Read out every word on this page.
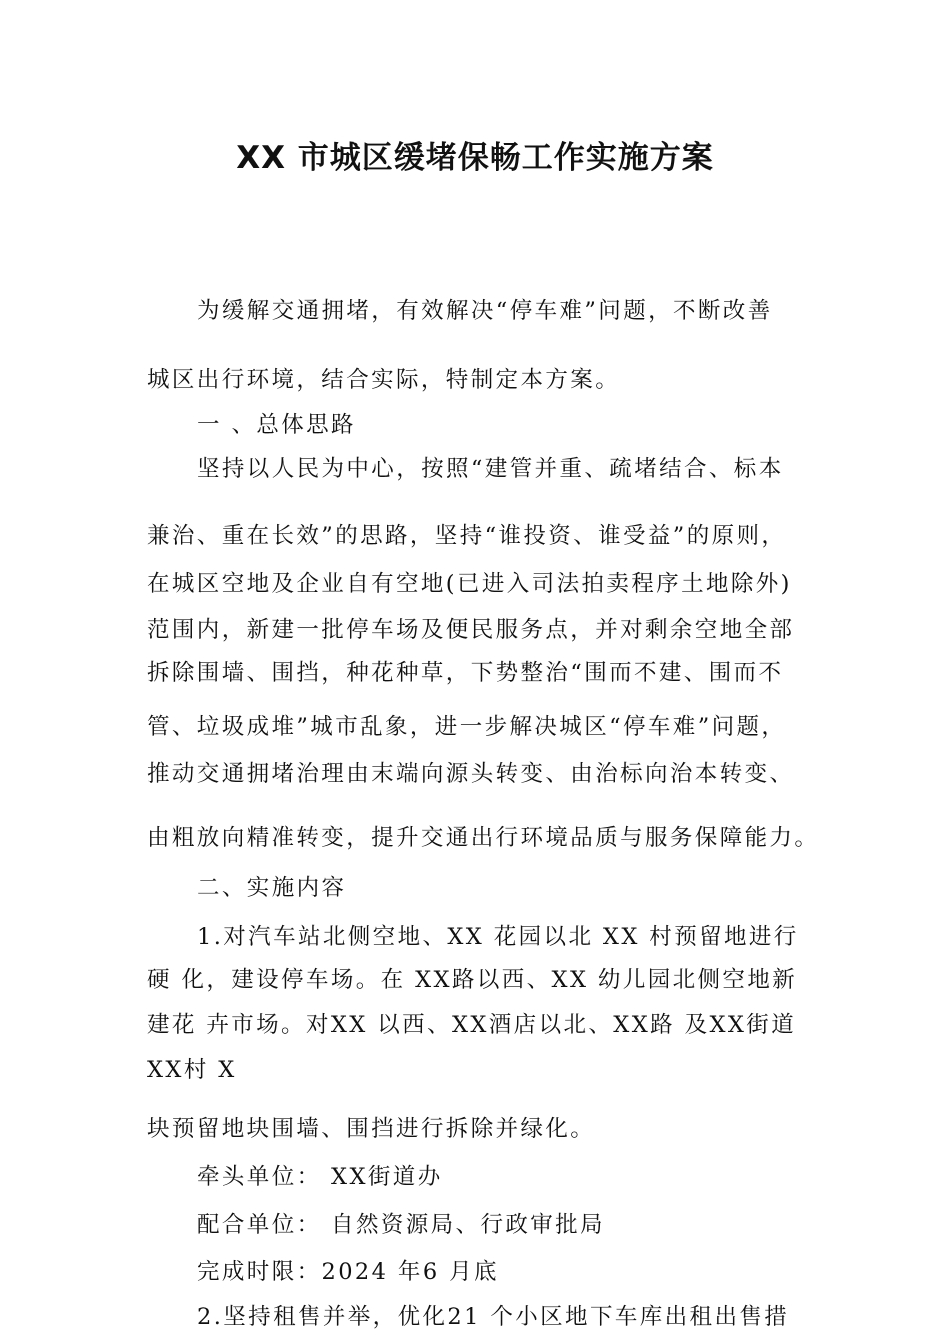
XX 市城区缓堵保畅工作实施方案
为缓解交通拥堵，有效解决“停车难”问题，不断改善
城区出行环境，结合实际，特制定本方案。
一 、总体思路
坚持以人民为中心，按照“建管并重、疏堵结合、标本
兼治、重在长效”的思路，坚持“谁投资、谁受益”的原则，
在城区空地及企业自有空地(已进入司法拍卖程序土地除外)
范围内，新建一批停车场及便民服务点，并对剩余空地全部
拆除围墙、围挡，种花种草，下势整治“围而不建、围而不
管、垃圾成堆”城市乱象，进一步解决城区“停车难”问题，
推动交通拥堵治理由末端向源头转变、由治标向治本转变、
由粗放向精准转变，提升交通出行环境品质与服务保障能力。
二、实施内容
1.对汽车站北侧空地、XX 花园以北 XX 村预留地进行
硬 化，建设停车场。在 XX路以西、XX 幼儿园北侧空地新
建花 卉市场。对XX 以西、XX酒店以北、XX路 及XX街道
XX村 X
块预留地块围墙、围挡进行拆除并绿化。
牵头单位： XX街道办
配合单位： 自然资源局、行政审批局
完成时限：2024 年6 月底
2.坚持租售并举，优化21 个小区地下车库出租出售措
